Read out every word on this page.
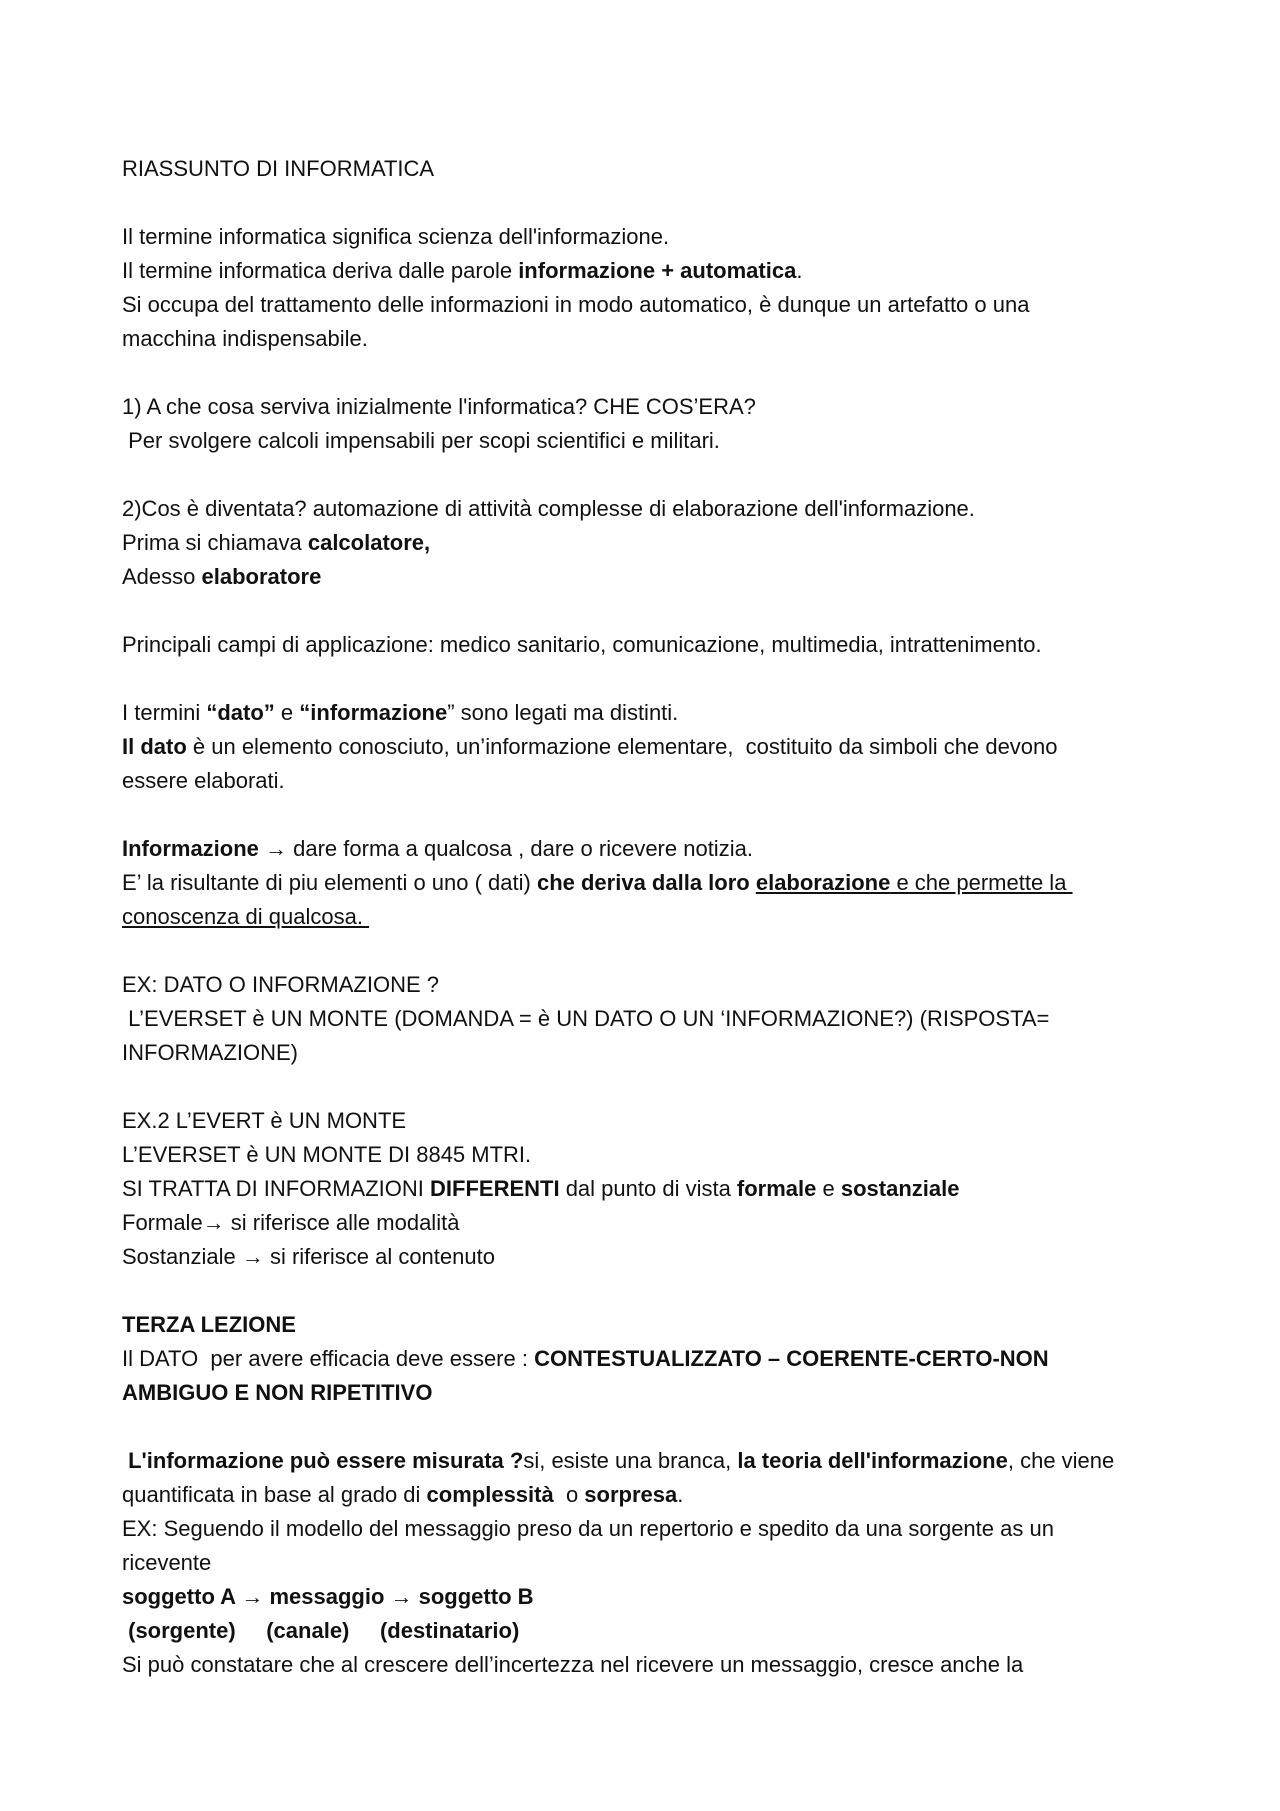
RIASSUNTO DI INFORMATICA
Il termine informatica significa scienza dell'informazione.
Il termine informatica deriva dalle parole informazione + automatica.
Si occupa del trattamento delle informazioni in modo automatico, è dunque un artefatto o una
macchina indispensabile.
1) A che cosa serviva inizialmente l'informatica? CHE COS’ERA?
Per svolgere calcoli impensabili per scopi scientifici e militari.
2)Cos è diventata? automazione di attività complesse di elaborazione dell'informazione.
Prima si chiamava calcolatore,
Adesso elaboratore
Principali campi di applicazione: medico sanitario, comunicazione, multimedia, intrattenimento.
I termini “dato” e “informazione” sono legati ma distinti.
Il dato è un elemento conosciuto, un’informazione elementare,  costituito da simboli che devono
essere elaborati.
Informazione → dare forma a qualcosa , dare o ricevere notizia.
E’ la risultante di piu elementi o uno ( dati) che deriva dalla loro elaborazione e che permette la
conoscenza di qualcosa.
EX: DATO O INFORMAZIONE ?
L’EVERSET è UN MONTE (DOMANDA = è UN DATO O UN ‘INFORMAZIONE?) (RISPOSTA=
INFORMAZIONE)
EX.2 L’EVERT è UN MONTE
L’EVERSET è UN MONTE DI 8845 MTRI.
SI TRATTA DI INFORMAZIONI DIFFERENTI dal punto di vista formale e sostanziale
Formale→ si riferisce alle modalità
Sostanziale → si riferisce al contenuto
TERZA LEZIONE
Il DATO  per avere efficacia deve essere : CONTESTUALIZZATO – COERENTE-CERTO-NON
AMBIGUO E NON RIPETITIVO
L'informazione può essere misurata ?si, esiste una branca, la teoria dell'informazione, che viene
quantificata in base al grado di complessità  o sorpresa.
EX: Seguendo il modello del messaggio preso da un repertorio e spedito da una sorgente as un
ricevente
soggetto A → messaggio → soggetto B
(sorgente)     (canale)     (destinatario)
Si può constatare che al crescere dell’incertezza nel ricevere un messaggio, cresce anche la
